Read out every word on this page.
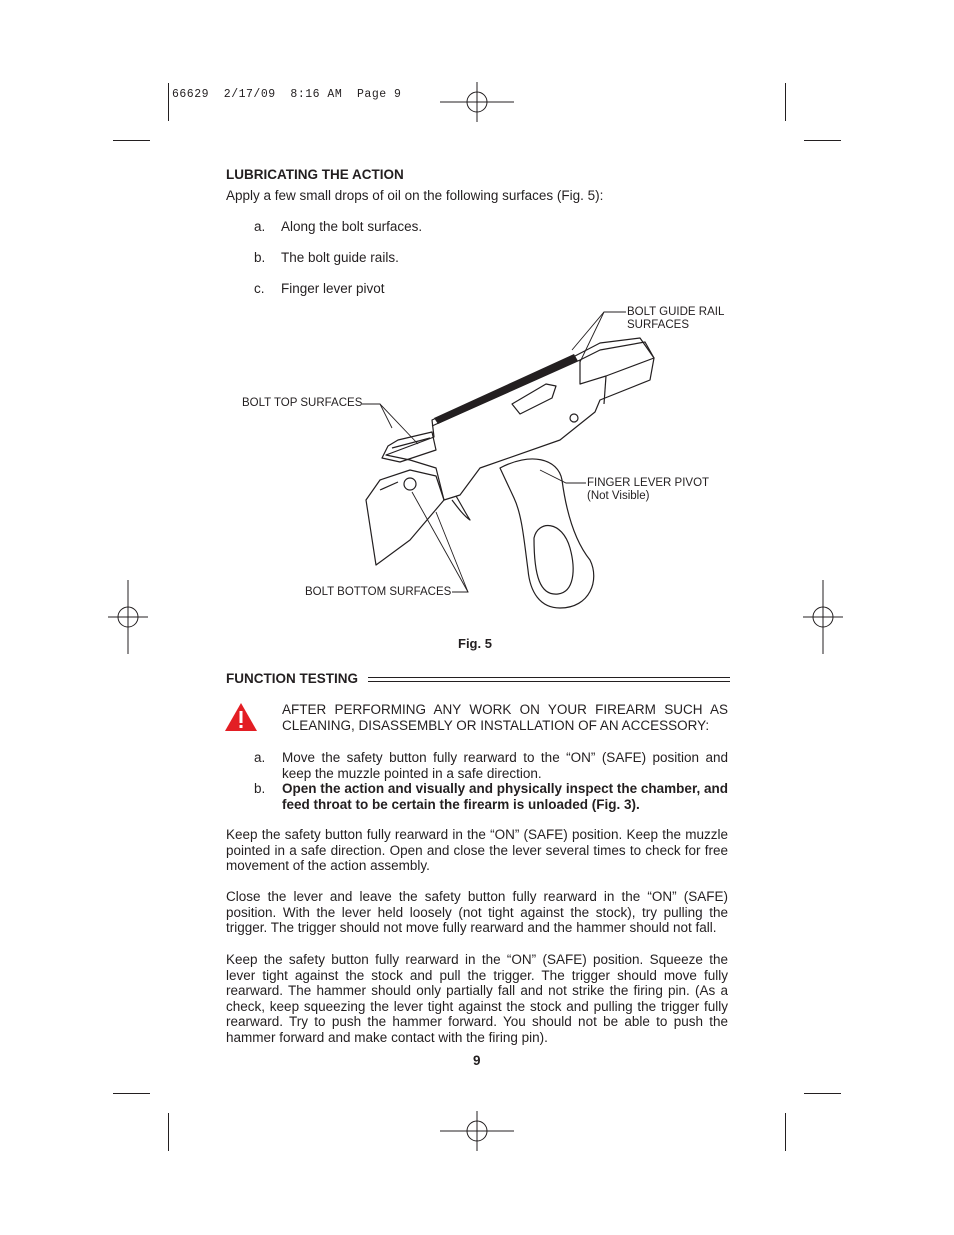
66629  2/17/09  8:16 AM  Page 9
LUBRICATING THE ACTION
Apply a few small drops of oil on the following surfaces (Fig. 5):
a. Along the bolt surfaces.
b. The bolt guide rails.
c. Finger lever pivot
BOLT GUIDE RAIL
SURFACES
BOLT TOP SURFACES
FINGER LEVER PIVOT
(Not Visible)
BOLT BOTTOM SURFACES
Fig. 5
FUNCTION TESTING
AFTER PERFORMING ANY WORK ON YOUR FIREARM SUCH AS CLEANING, DISASSEMBLY OR INSTALLATION OF AN ACCESSORY:
a. Move the safety button fully rearward to the “ON” (SAFE) position and keep the muzzle pointed in a safe direction.
b. Open the action and visually and physically inspect the chamber, and feed throat to be certain the firearm is unloaded (Fig. 3).
Keep the safety button fully rearward in the “ON” (SAFE) position. Keep the muzzle pointed in a safe direction. Open and close the lever several times to check for free movement of the action assembly.
Close the lever and leave the safety button fully rearward in the “ON” (SAFE) position. With the lever held loosely (not tight against the stock), try pulling the trigger. The trigger should not move fully rearward and the hammer should not fall.
Keep the safety button fully rearward in the “ON” (SAFE) position. Squeeze the lever tight against the stock and pull the trigger. The trigger should move fully rearward. The hammer should only partially fall and not strike the firing pin. (As a check, keep squeezing the lever tight against the stock and pulling the trigger fully rearward. Try to push the hammer forward. You should not be able to push the hammer forward and make contact with the firing pin).
9
